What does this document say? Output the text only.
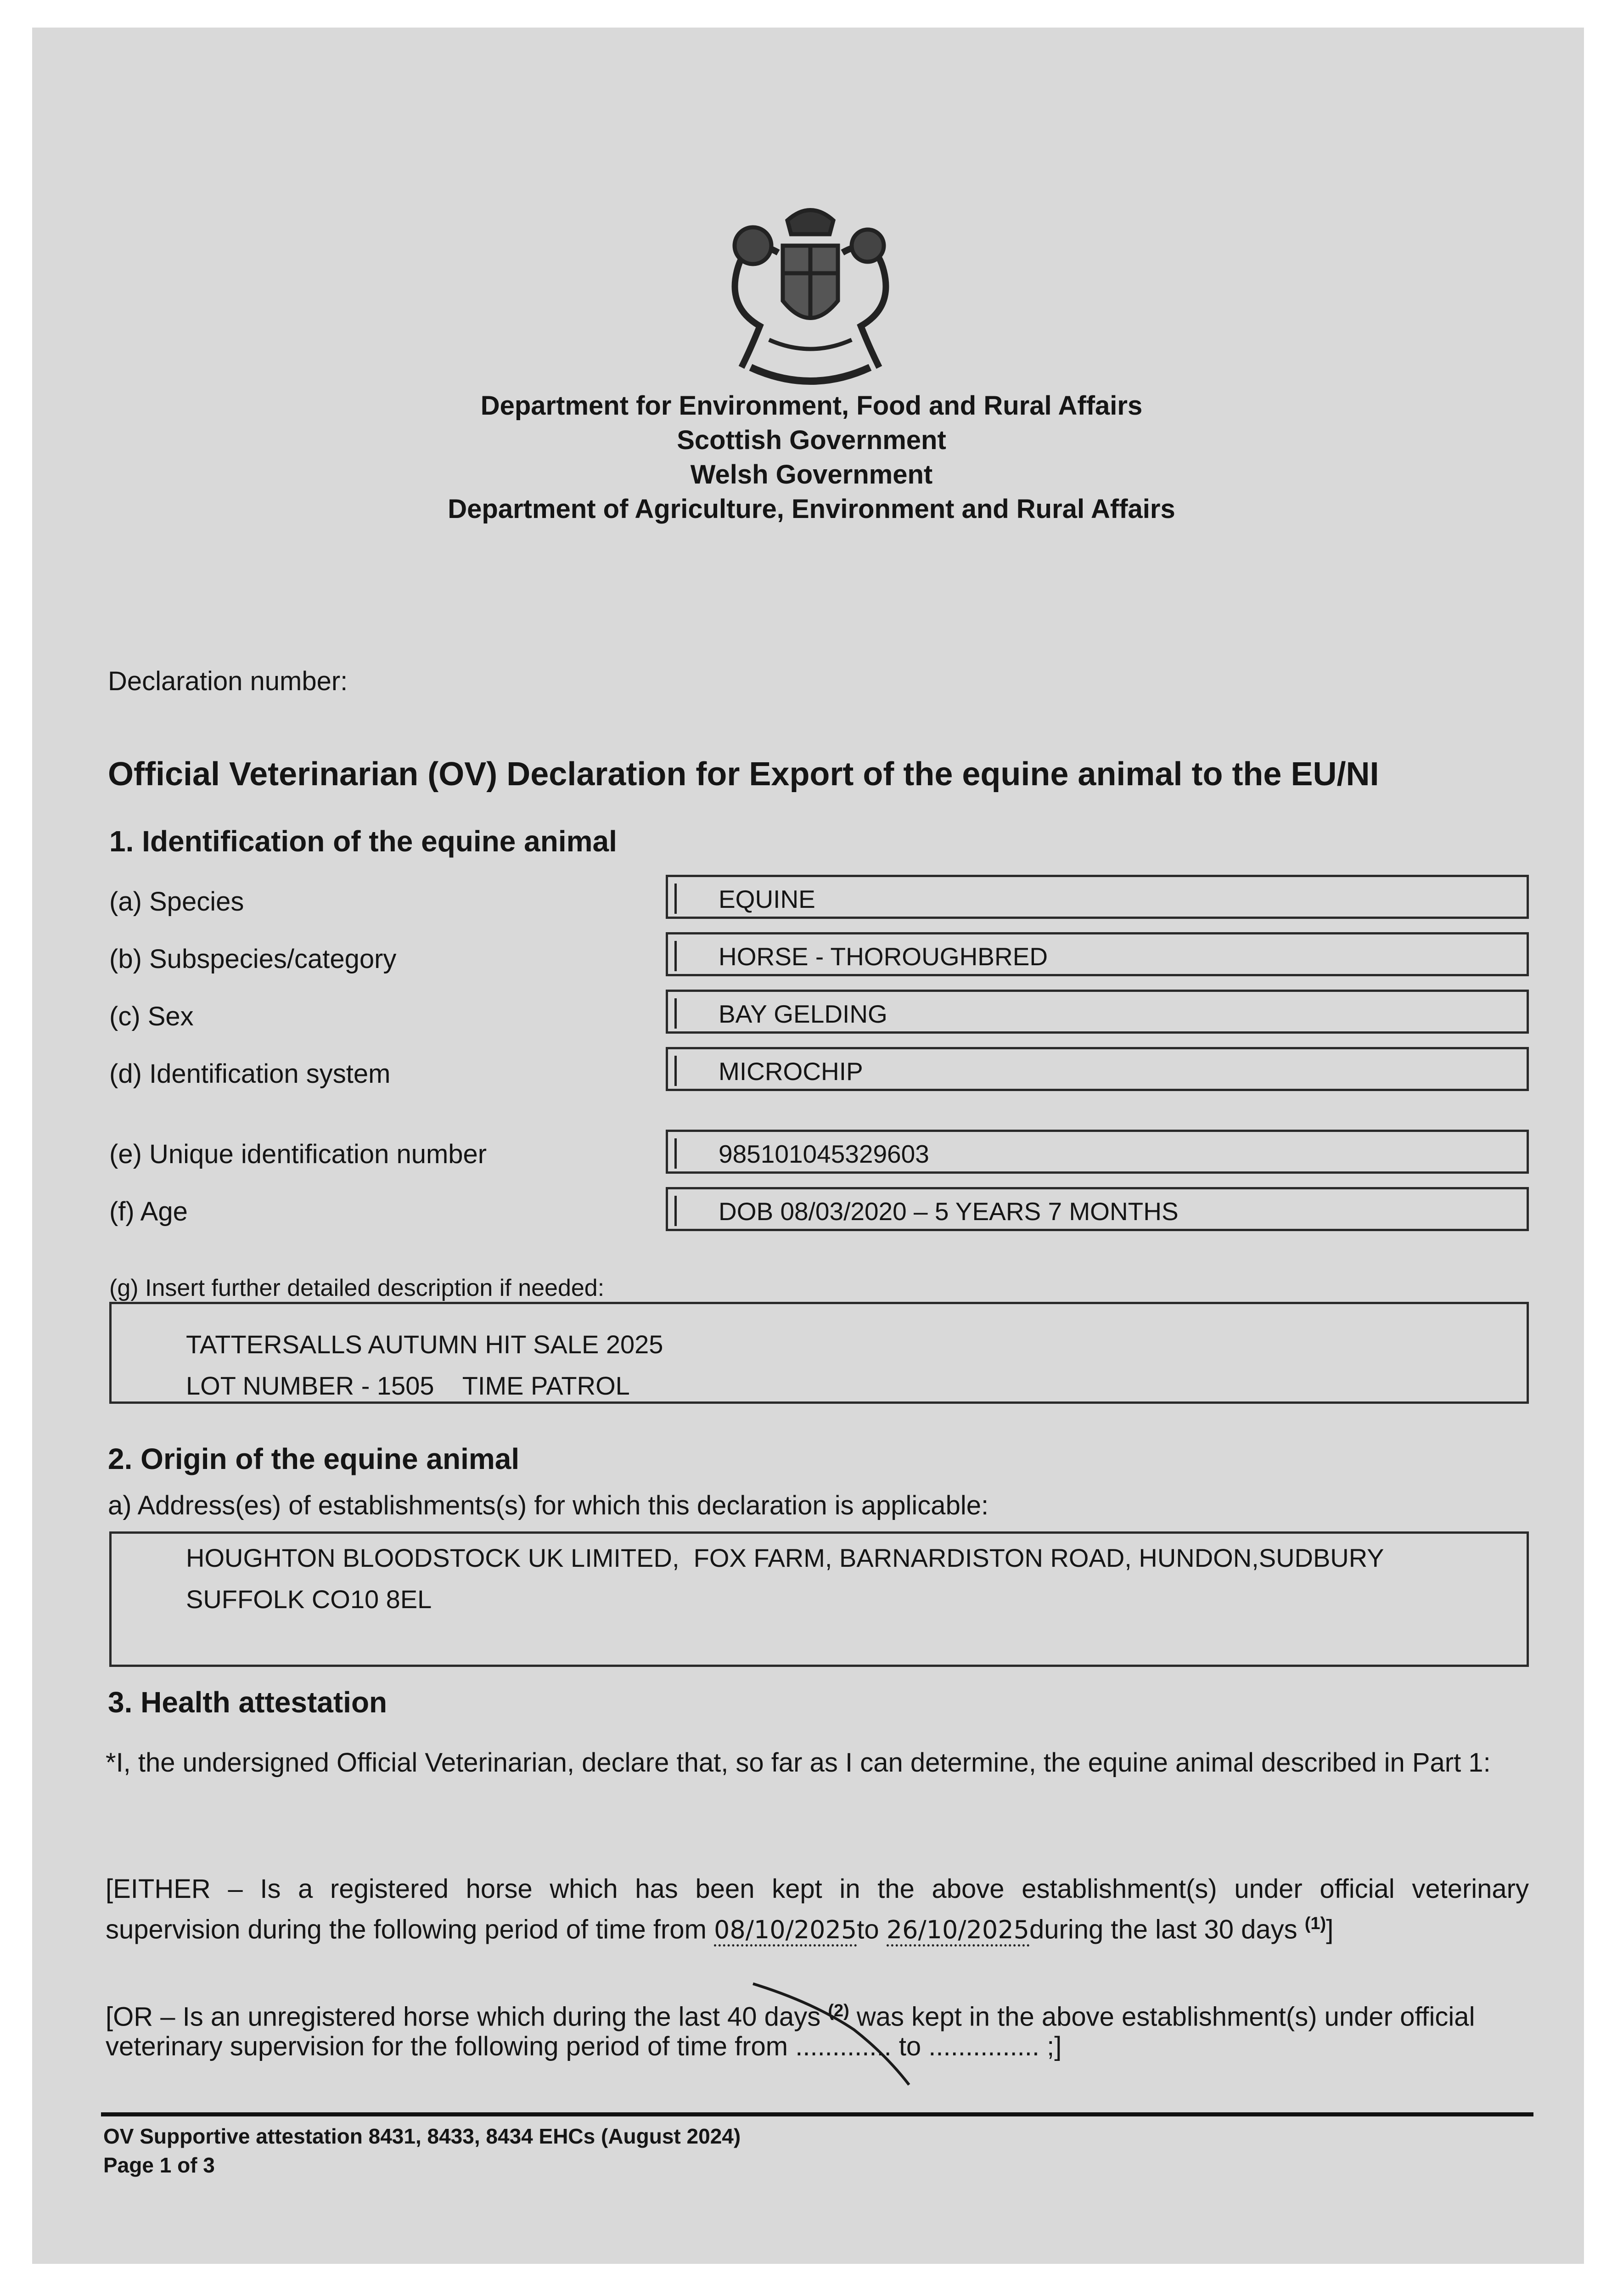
Department for Environment, Food and Rural Affairs
Scottish Government
Welsh Government
Department of Agriculture, Environment and Rural Affairs
Declaration number:
Official Veterinarian (OV) Declaration for Export of the equine animal to the EU/NI
1. Identification of the equine animal
(a) Species	EQUINE
(b) Subspecies/category	HORSE - THOROUGHBRED
(c) Sex	BAY GELDING
(d) Identification system	MICROCHIP
(e) Unique identification number	985101045329603
(f) Age	DOB 08/03/2020 – 5 YEARS 7 MONTHS
(g) Insert further detailed description if needed:
TATTERSALLS AUTUMN HIT SALE 2025
LOT NUMBER - 1505    TIME PATROL
2. Origin of the equine animal
a) Address(es) of establishments(s) for which this declaration is applicable:
HOUGHTON BLOODSTOCK UK LIMITED,  FOX FARM, BARNARDISTON ROAD, HUNDON,SUDBURY
SUFFOLK CO10 8EL
3. Health attestation
*I, the undersigned Official Veterinarian, declare that, so far as I can determine, the equine animal described in Part 1:
[EITHER – Is a registered horse which has been kept in the above establishment(s) under official veterinary
supervision during the following period of time from 08/10/2025to 26/10/2025during the last 30 days $^{(1)}$]
[OR – Is an unregistered horse which during the last 40 days $^{(2)}$ was kept in the above establishment(s) under official
veterinary supervision for the following period of time from ............. to ............... ;]
OV Supportive attestation 8431, 8433, 8434 EHCs (August 2024)
Page 1 of 3
